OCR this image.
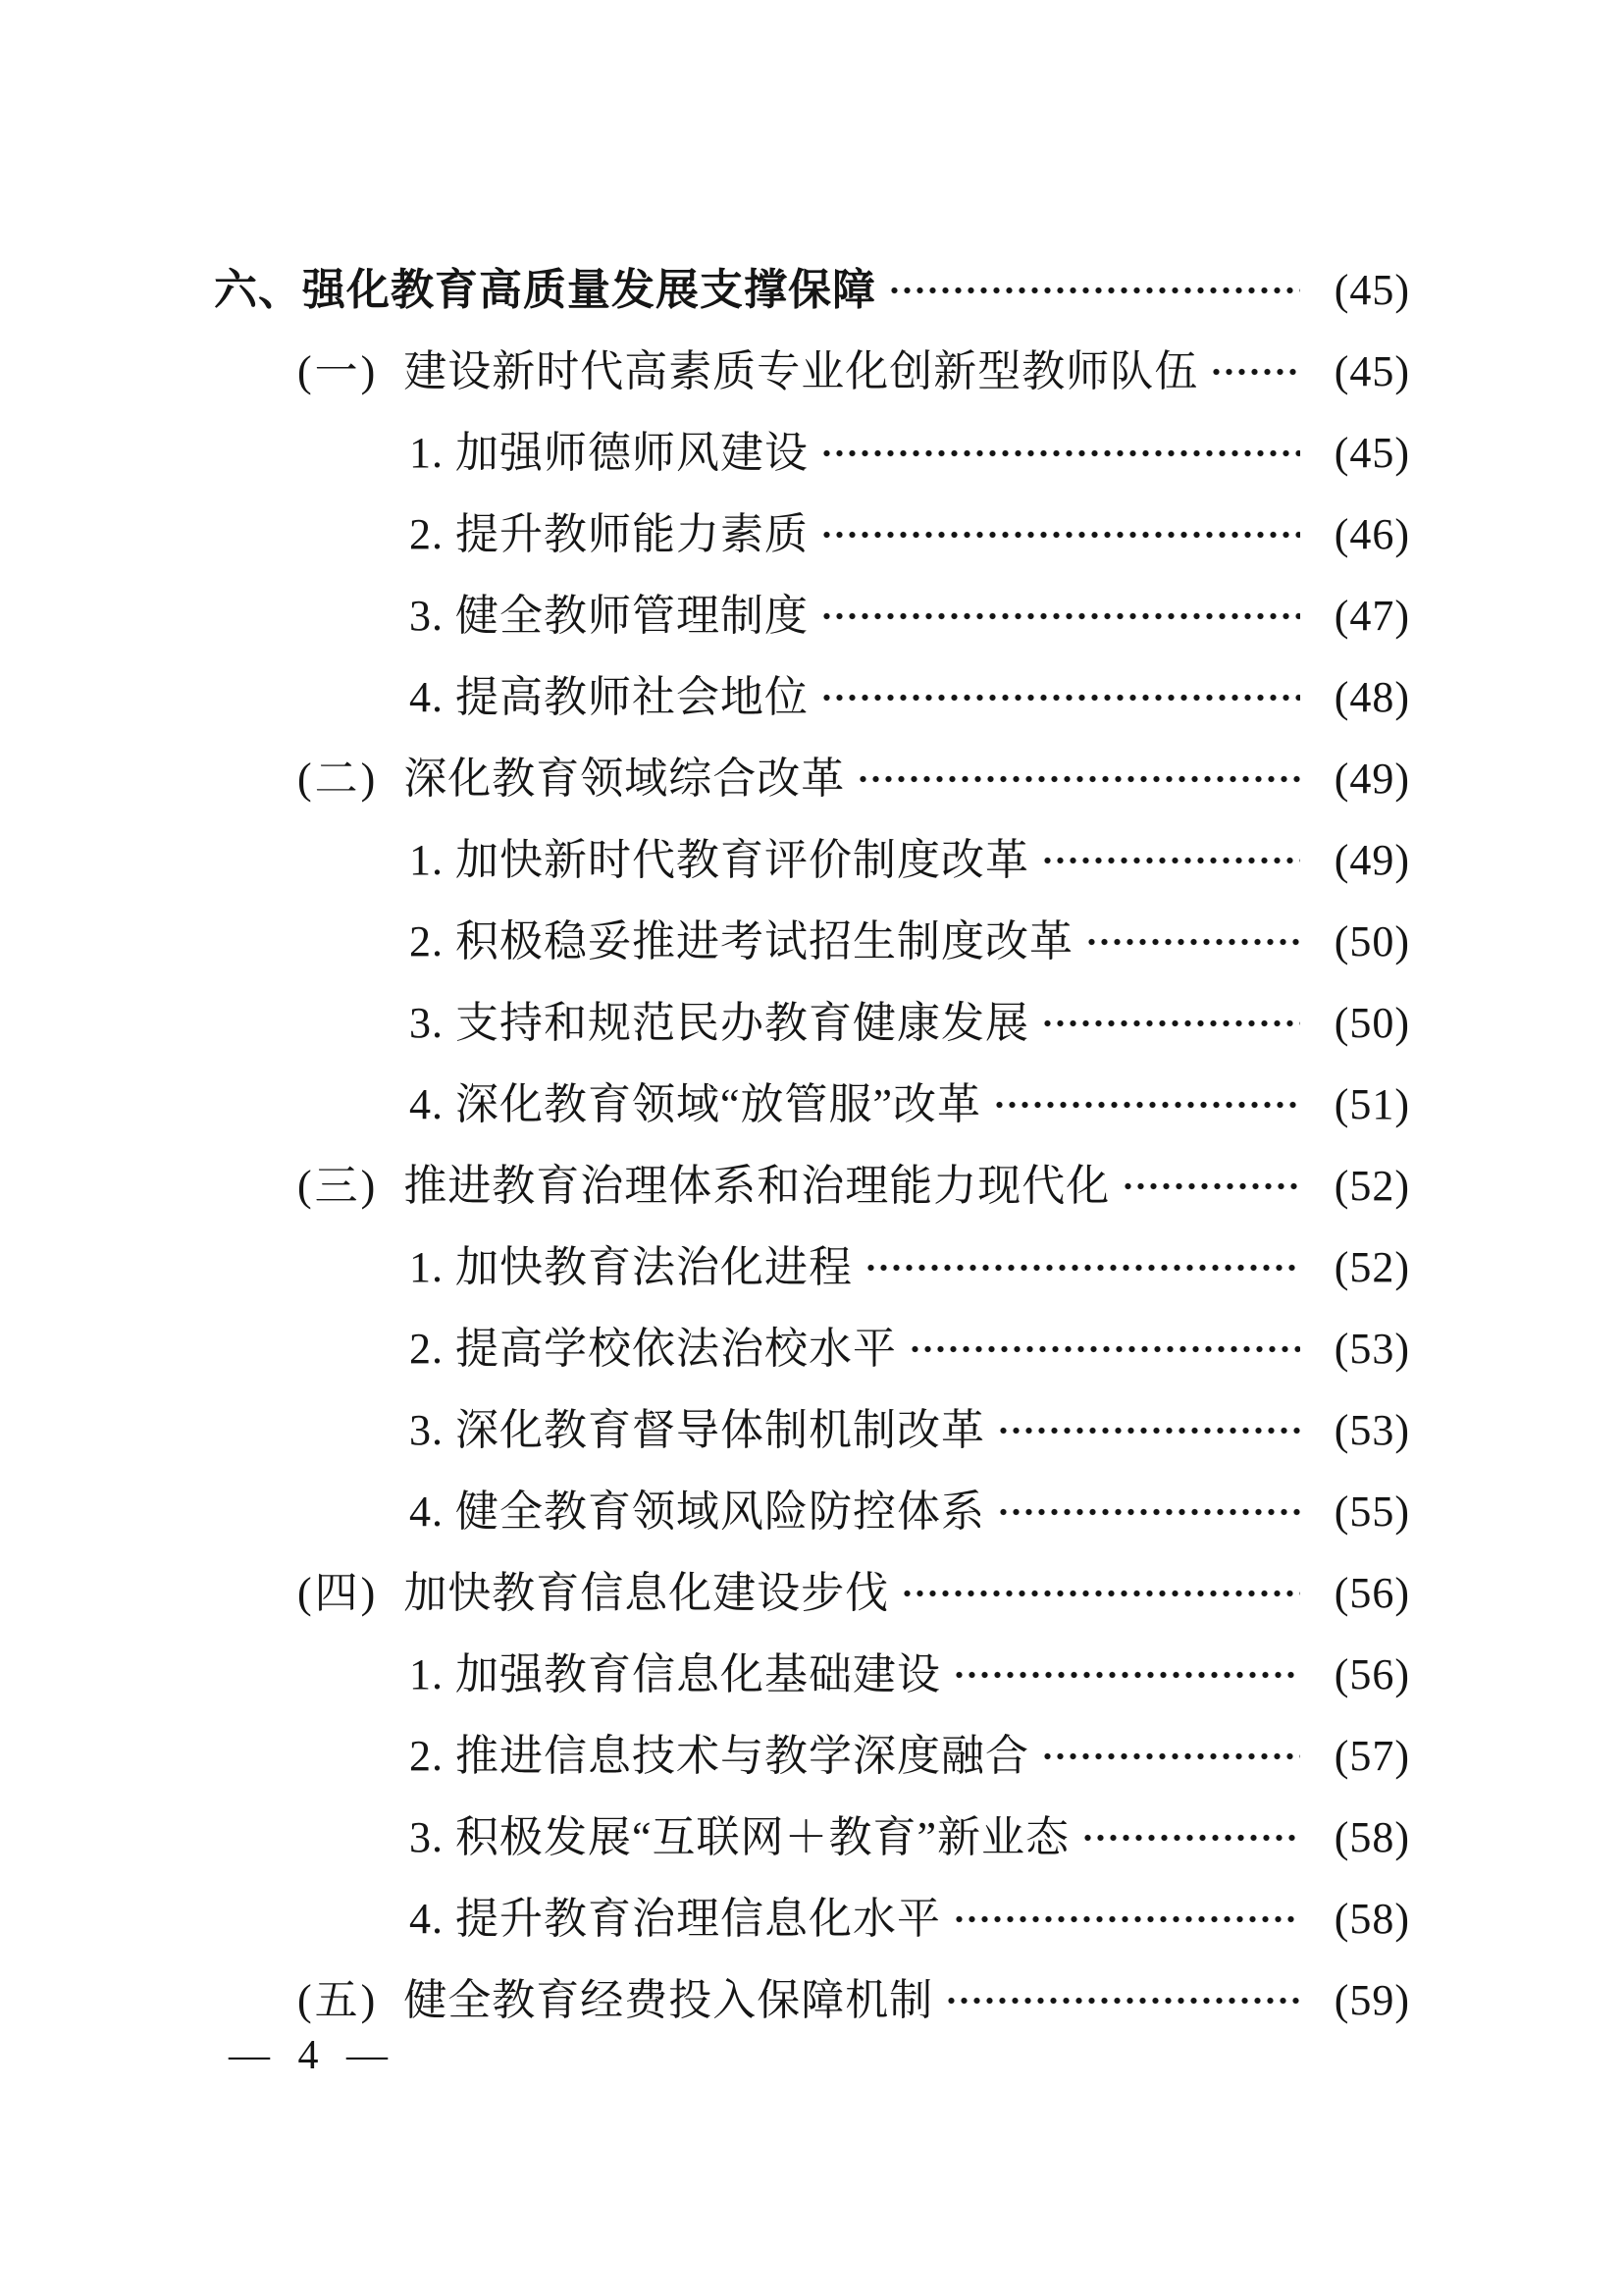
六、 强化教育高质量发展支撑保障	(45)
(一) 建设新时代高素质专业化创新型教师队伍	(45)
1. 加强师德师风建设	(45)
2. 提升教师能力素质	(46)
3. 健全教师管理制度	(47)
4. 提高教师社会地位	(48)
(二) 深化教育领域综合改革	(49)
1. 加快新时代教育评价制度改革	(49)
2. 积极稳妥推进考试招生制度改革	(50)
3. 支持和规范民办教育健康发展	(50)
4. 深化教育领域“放管服”改革	(51)
(三) 推进教育治理体系和治理能力现代化	(52)
1. 加快教育法治化进程	(52)
2. 提高学校依法治校水平	(53)
3. 深化教育督导体制机制改革	(53)
4. 健全教育领域风险防控体系	(55)
(四) 加快教育信息化建设步伐	(56)
1. 加强教育信息化基础建设	(56)
2. 推进信息技术与教学深度融合	(57)
3. 积极发展“互联网＋教育”新业态	(58)
4. 提升教育治理信息化水平	(58)
(五) 健全教育经费投入保障机制	(59)
— 4 —
